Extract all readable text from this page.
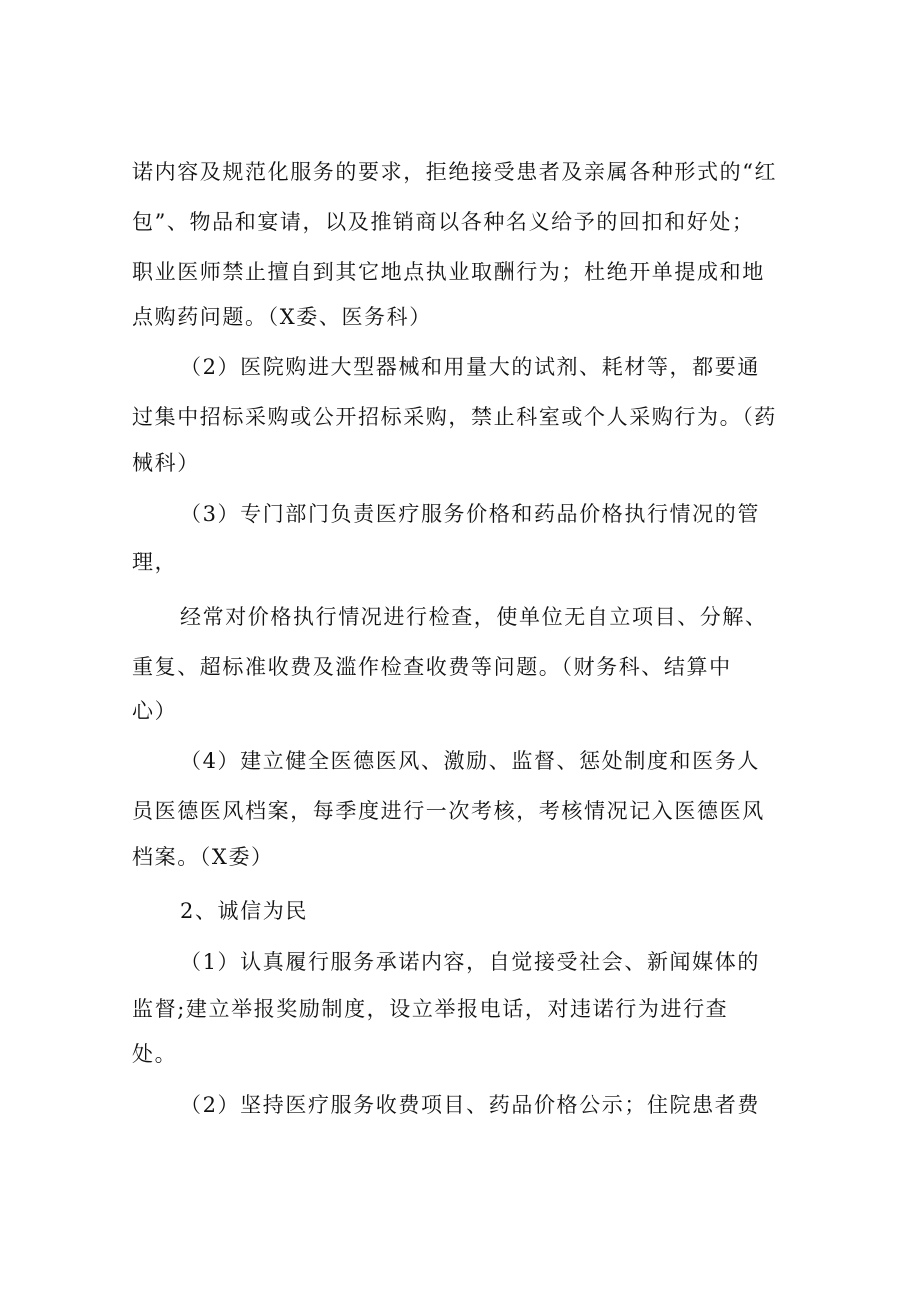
诺内容及规范化服务的要求，拒绝接受患者及亲属各种形式的“红
包”、物品和宴请，以及推销商以各种名义给予的回扣和好处；
职业医师禁止擅自到其它地点执业取酬行为；杜绝开单提成和地
点购药问题。（X委、医务科）
（2）医院购进大型器械和用量大的试剂、耗材等，都要通
过集中招标采购或公开招标采购，禁止科室或个人采购行为。（药
械科）
（3）专门部门负责医疗服务价格和药品价格执行情况的管
理，
经常对价格执行情况进行检查，使单位无自立项目、分解、
重复、超标准收费及滥作检查收费等问题。（财务科、结算中
心）
（4）建立健全医德医风、激励、监督、惩处制度和医务人
员医德医风档案，每季度进行一次考核，考核情况记入医德医风
档案。（X委）
2、诚信为民
（1）认真履行服务承诺内容，自觉接受社会、新闻媒体的
监督;建立举报奖励制度，设立举报电话，对违诺行为进行查
处。
（2）坚持医疗服务收费项目、药品价格公示；住院患者费
